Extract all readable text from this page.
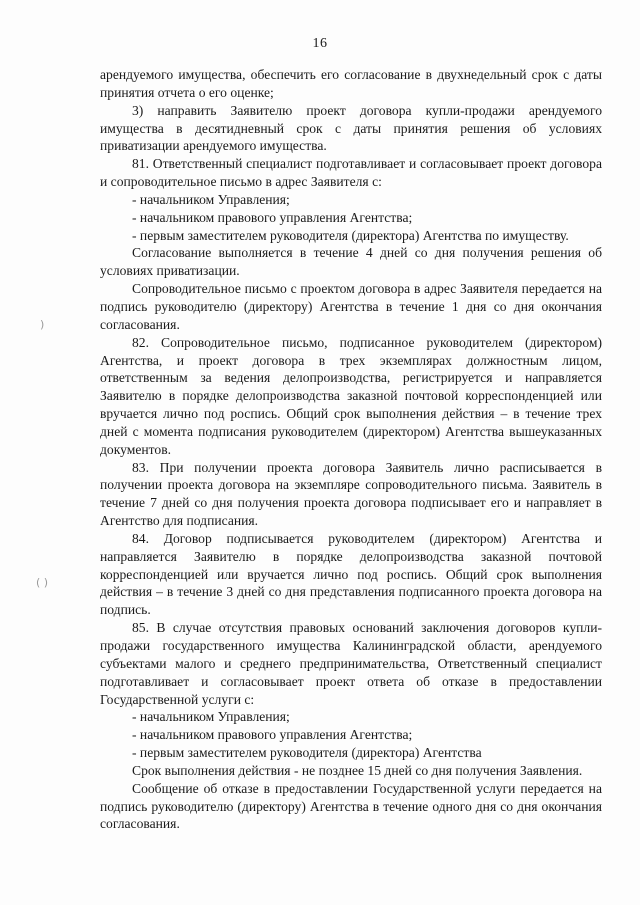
16
)
( )

арендуемого имущества, обеспечить его согласование в двухнедельный срок с даты принятия отчета о его оценке;

3) направить Заявителю проект договора купли-продажи арендуемого имущества в десятидневный срок с даты принятия решения об условиях приватизации арендуемого имущества.

81. Ответственный специалист подготавливает и согласовывает проект договора и сопроводительное письмо в адрес Заявителя с:

- начальником Управления;

- начальником правового управления Агентства;

- первым заместителем руководителя (директора) Агентства по имуществу.

Согласование выполняется в течение 4 дней со дня получения решения об условиях приватизации.

Сопроводительное письмо с проектом договора в адрес Заявителя передается на подпись руководителю (директору) Агентства в течение 1 дня со дня окончания согласования.

82. Сопроводительное письмо, подписанное руководителем (директором) Агентства, и проект договора в трех экземплярах должностным лицом, ответственным за ведения делопроизводства, регистрируется и направляется Заявителю в порядке делопроизводства заказной почтовой корреспонденцией или вручается лично под роспись. Общий срок выполнения действия – в течение трех дней с момента подписания руководителем (директором) Агентства вышеуказанных документов.

83. При получении проекта договора Заявитель лично расписывается в получении проекта договора на экземпляре сопроводительного письма. Заявитель в течение 7 дней со дня получения проекта договора подписывает его и направляет в Агентство для подписания.

84. Договор подписывается руководителем (директором) Агентства и направляется Заявителю в порядке делопроизводства заказной почтовой корреспонденцией или вручается лично под роспись. Общий срок выполнения действия – в течение 3 дней со дня представления подписанного проекта договора на подпись.

85. В случае отсутствия правовых оснований заключения договоров купли-продажи государственного имущества Калининградской области, арендуемого субъектами малого и среднего предпринимательства, Ответственный специалист подготавливает и согласовывает проект ответа об отказе в предоставлении Государственной услуги с:

- начальником Управления;

- начальником правового управления Агентства;

- первым заместителем руководителя (директора) Агентства

Срок выполнения действия - не позднее 15 дней со дня получения Заявления.

Сообщение об отказе в предоставлении Государственной услуги передается на подпись руководителю (директору) Агентства в течение одного дня со дня окончания согласования.
